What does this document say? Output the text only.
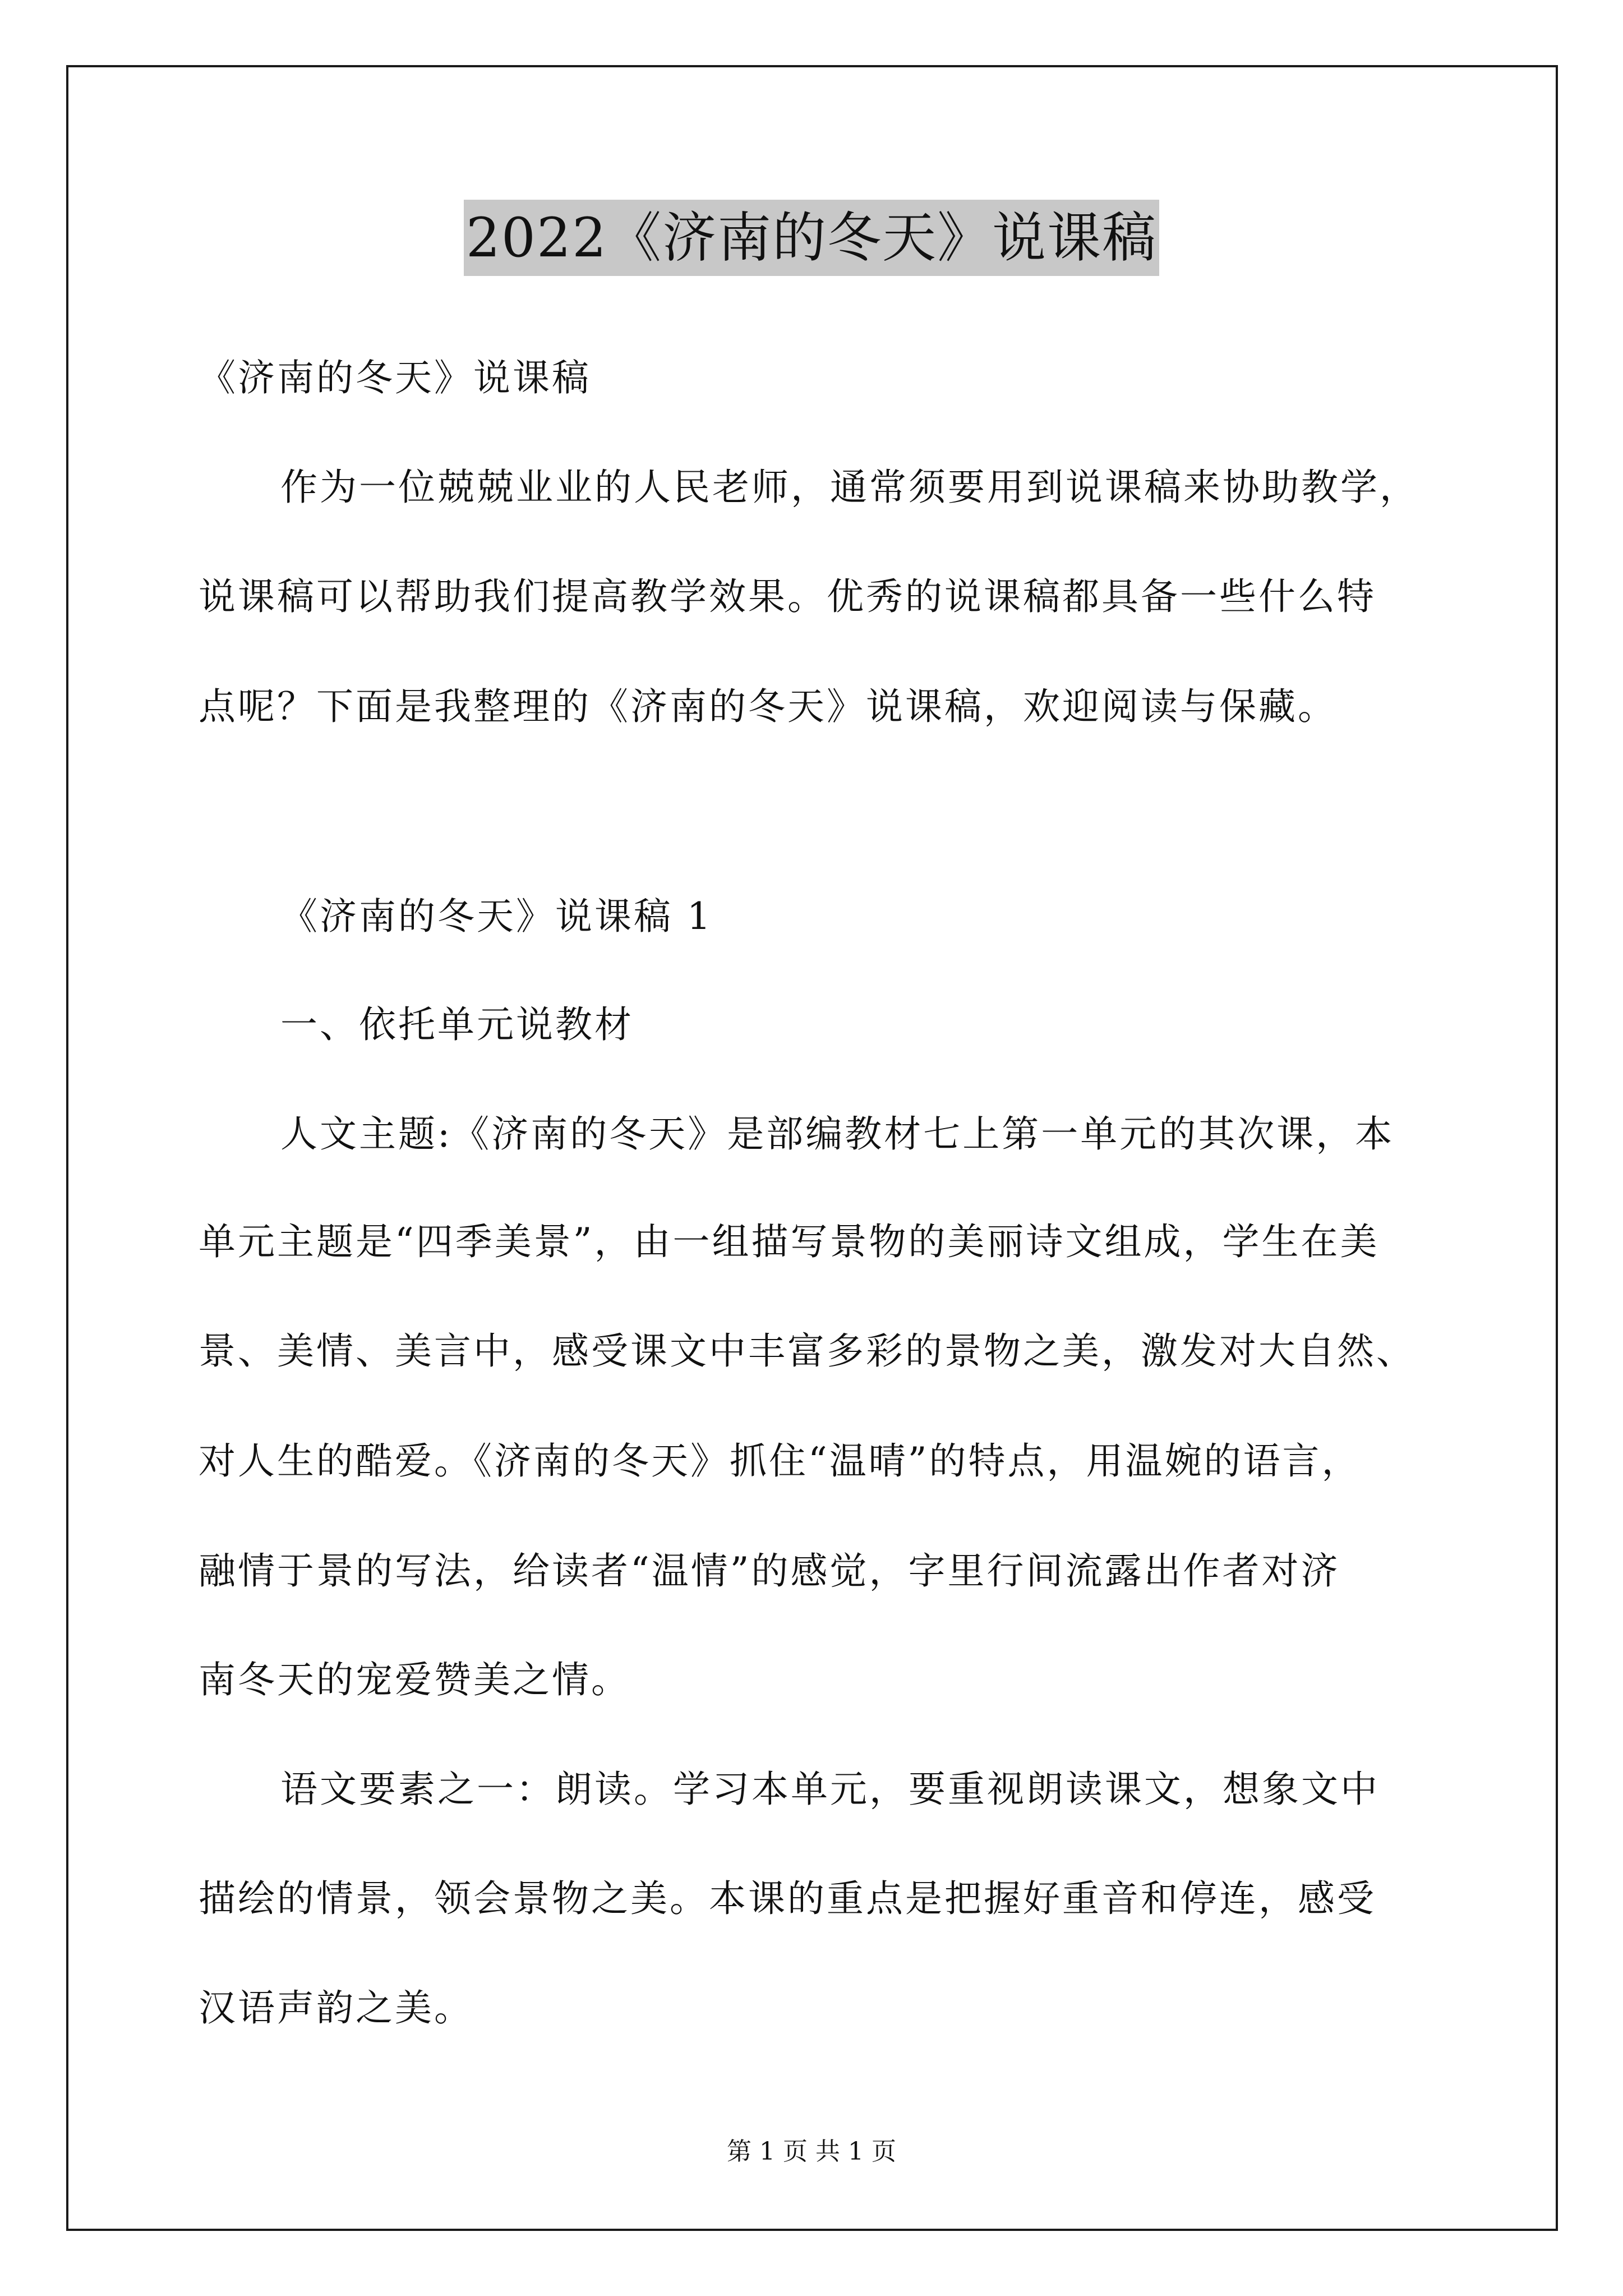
2022《济南的冬天》说课稿
《济南的冬天》说课稿
作为一位兢兢业业的人民老师，通常须要用到说课稿来协助教学，
说课稿可以帮助我们提高教学效果。优秀的说课稿都具备一些什么特
点呢？下面是我整理的《济南的冬天》说课稿，欢迎阅读与保藏。
《济南的冬天》说课稿 1
一、依托单元说教材
人文主题:《济南的冬天》是部编教材七上第一单元的其次课，本
单元主题是“四季美景”，由一组描写景物的美丽诗文组成，学生在美
景、美情、美言中，感受课文中丰富多彩的景物之美，激发对大自然、
对人生的酷爱。《济南的冬天》抓住“温晴”的特点，用温婉的语言，
融情于景的写法，给读者“温情”的感觉，字里行间流露出作者对济
南冬天的宠爱赞美之情。
语文要素之一：朗读。学习本单元，要重视朗读课文，想象文中
描绘的情景，领会景物之美。本课的重点是把握好重音和停连，感受
汉语声韵之美。
第 1 页 共 1 页
